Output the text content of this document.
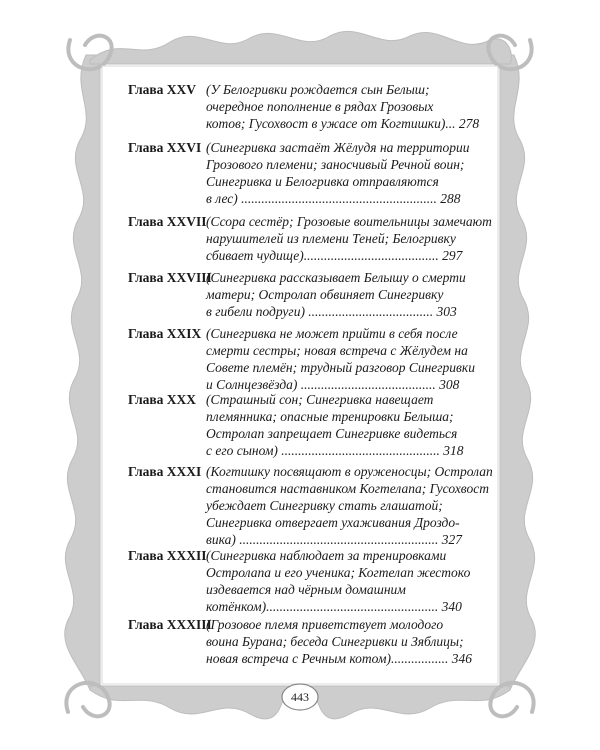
Глава XXV (У Белогривки рождается сын Белыш;
очередное пополнение в рядах Грозовых
котов; Гусохвост в ужасе от Когтишки)... 278
Глава XXVI (Синегривка застаёт Жёлудя на территории
Грозового племени; заносчивый Речной воин;
Синегривка и Белогривка отправляются
в лес) .......................................................... 288
Глава XXVII (Ссора сестёр; Грозовые воительницы замечают
нарушителей из племени Теней; Белогривку
сбивает чудище)........................................ 297
Глава XXVIII
(Синегривка рассказывает Белышу о смерти
матери; Остролап обвиняет Синегривку
в гибели подруги) ..................................... 303
Глава XXIX (Синегривка не может прийти в себя после
смерти сестры; новая встреча с Жёлудем на
Совете племён; трудный разговор Синегривки
и Солнцезвёзда) ........................................ 308
Глава XXX (Страшный сон; Синегривка навещает
племянника; опасные тренировки Белыша;
Остролап запрещает Синегривке видеться
с его сыном) ............................................... 318
Глава XXXI (Когтишку посвящают в оруженосцы; Остролап
становится наставником Когтелапа; Гусохвост
убеждает Синегривку стать глашатой;
Синегривка отвергает ухаживания Дроздо-
вика) ........................................................... 327
Глава XXXII (Синегривка наблюдает за тренировками
Остролапа и его ученика; Когтелап жестоко
издевается над чёрным домашним
котёнком)................................................... 340
Глава XXXIII
(Грозовое племя приветствует молодого
воина Бурана; беседа Синегривки и Зяблицы;
новая встреча с Речным котом)................. 346
443
